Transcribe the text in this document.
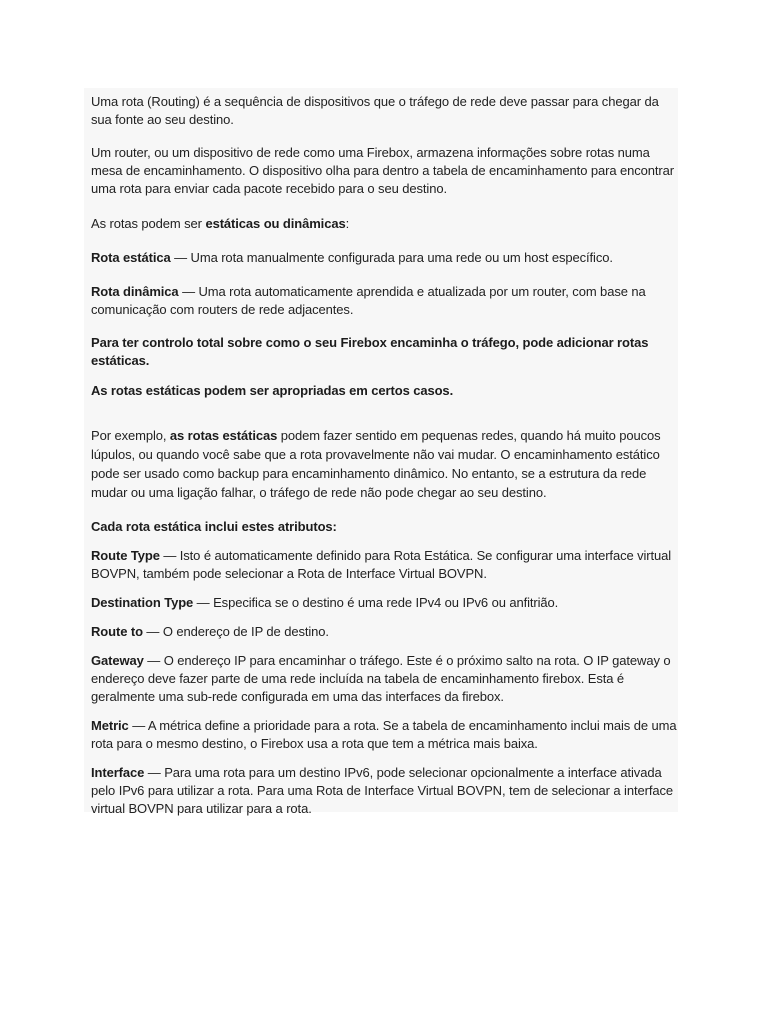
Uma rota (Routing) é a sequência de dispositivos que o tráfego de rede deve passar para chegar da sua fonte ao seu destino.

Um router, ou um dispositivo de rede como uma Firebox, armazena informações sobre rotas numa mesa de encaminhamento. O dispositivo olha para dentro a tabela de encaminhamento para encontrar uma rota para enviar cada pacote recebido para o seu destino.

As rotas podem ser estáticas ou dinâmicas:

Rota estática — Uma rota manualmente configurada para uma rede ou um host específico.

Rota dinâmica — Uma rota automaticamente aprendida e atualizada por um router, com base na comunicação com routers de rede adjacentes.

Para ter controlo total sobre como o seu Firebox encaminha o tráfego, pode adicionar rotas estáticas.

As rotas estáticas podem ser apropriadas em certos casos.

Por exemplo, as rotas estáticas podem fazer sentido em pequenas redes, quando há muito poucos lúpulos, ou quando você sabe que a rota provavelmente não vai mudar. O encaminhamento estático pode ser usado como backup para encaminhamento dinâmico. No entanto, se a estrutura da rede mudar ou uma ligação falhar, o tráfego de rede não pode chegar ao seu destino.

Cada rota estática inclui estes atributos:

Route Type — Isto é automaticamente definido para Rota Estática. Se configurar uma interface virtual BOVPN, também pode selecionar a Rota de Interface Virtual BOVPN.

Destination Type — Especifica se o destino é uma rede IPv4 ou IPv6 ou anfitrião.

Route to — O endereço de IP de destino.

Gateway — O endereço IP para encaminhar o tráfego. Este é o próximo salto na rota. O IP gateway o endereço deve fazer parte de uma rede incluída na tabela de encaminhamento firebox. Esta é geralmente uma sub-rede configurada em uma das interfaces da firebox.

Metric — A métrica define a prioridade para a rota. Se a tabela de encaminhamento inclui mais de uma rota para o mesmo destino, o Firebox usa a rota que tem a métrica mais baixa.

Interface — Para uma rota para um destino IPv6, pode selecionar opcionalmente a interface ativada pelo IPv6 para utilizar a rota. Para uma Rota de Interface Virtual BOVPN, tem de selecionar a interface virtual BOVPN para utilizar para a rota.
